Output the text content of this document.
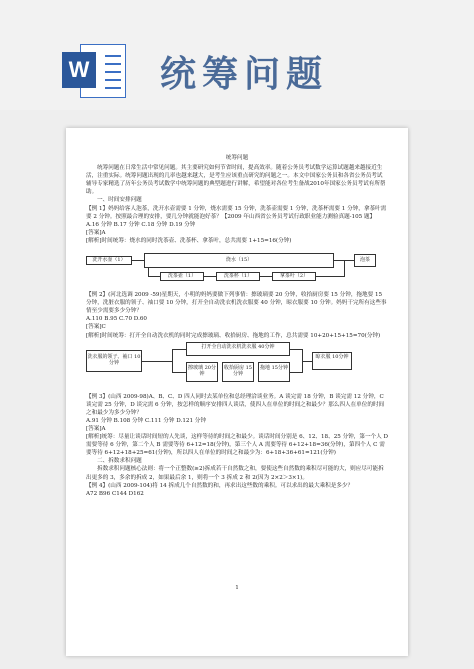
W 统筹问题

统筹问题

统筹问题在日常生活中常见问题。其主要研究如何节省时间，提高效率。随着公务员考试数学运算试题越来越接近生活，注重实际。统筹问题出现的几率也越来越大，是考生应该重点研究的问题之一。本文中国家公务员和各省公务员考试辅导专家精选了历年公务员考试数学中统筹问题的典型题进行讲解，希望能对各位考生备战2010年国家公务员考试有所帮助。

一、时间安排问题

【例 1】妈妈给客人泡茶，洗开水壶需要 1 分钟，烧水需要 15 分钟，洗茶壶需要 1 分钟，洗茶杯需要 1 分钟，拿茶叶需要 2 分钟。按照最合理的安排，要几分钟就能泡好茶？【2009 年山西省公务员考试行政职业能力测验真题-105 题】

A.16 分钟 B.17 分钟 C.18 分钟 D.19 分钟

[答案]A

[解析]时间统筹：烧水的同时洗茶壶、洗茶杯、拿茶叶，总共需要 1+15=16(分钟)

洗开水壶（1）	烧水（15）
洗茶壶（1）	洗茶杯（1）	拿茶叶（2）
泡茶

【例 2】(河北选调 2009 -59)星期天，小明的妈妈要做下列事情：擦玻璃要 20 分钟，收拾厨房要 15 分钟，拖地要 15 分钟，洗脏衣服的领子、袖口要 10 分钟，打开全自动洗衣机洗衣服要 40 分钟，晾衣服要 10 分钟。妈妈干完所有这些事情至少需要多少分钟？

A.110 B.95 C.70 D.60

[答案]C

[解析]时间统筹：打开全自动洗衣机的同时完成擦玻璃、收拾厨房、拖地的工作，总共需要 10+20+15+15=70(分钟)

洗衣服的领子、袖口 10分钟
打开全自动洗衣机洗衣服 40分钟
擦玻璃 20分钟
收拾厨房 15分钟
拖地 15分钟
晾衣服 10分钟

【例 3】(山西 2009-98)A、B、C、D 四人同时去某单位和总经理洽谈业务。A 谈完需 18 分钟，B 谈完需 12 分钟，C 谈完需 25 分钟，D 谈完需 6 分钟，按怎样的顺序安排四人谈话，使四人在单位的时间之和最少？那么四人在单位的时间之和最少为多少分钟？

A.91 分钟 B.108 分钟 C.111 分钟 D.121 分钟

[答案]A

[解析]统筹：尽量让谈话时间短的人先谈，这样等待的时间之和最少。谈话时间分别是 6、12、18、25 分钟，第一个人 D 需要等待 6 分钟，第二个人 B 需要等待 6+12=18(分钟)，第三个人 A 需要等待 6+12+18=36(分钟)，第四个人 C 需要等待 6+12+18+25=61(分钟)，所以四人在单位的时间之和最少为：6+18+36+61=121(分钟)

二、拆数求积问题

拆数求积问题核心法则：将一个正整数(≥2)拆成若干自然数之和，要使这些自然数的乘积尽可能的大，则应尽可能拆出更多的 3，多余的拆成 2，如果最后余 1，则将一个 3 拆成 2 和 2(因为 2×2＞3×1)。

【例 4】(山西 2009-104)将 14 拆成几个自然数的和，再求出这些数的乘积。可以求出的最大乘积是多少？

A72 B96 C144 D162

1
